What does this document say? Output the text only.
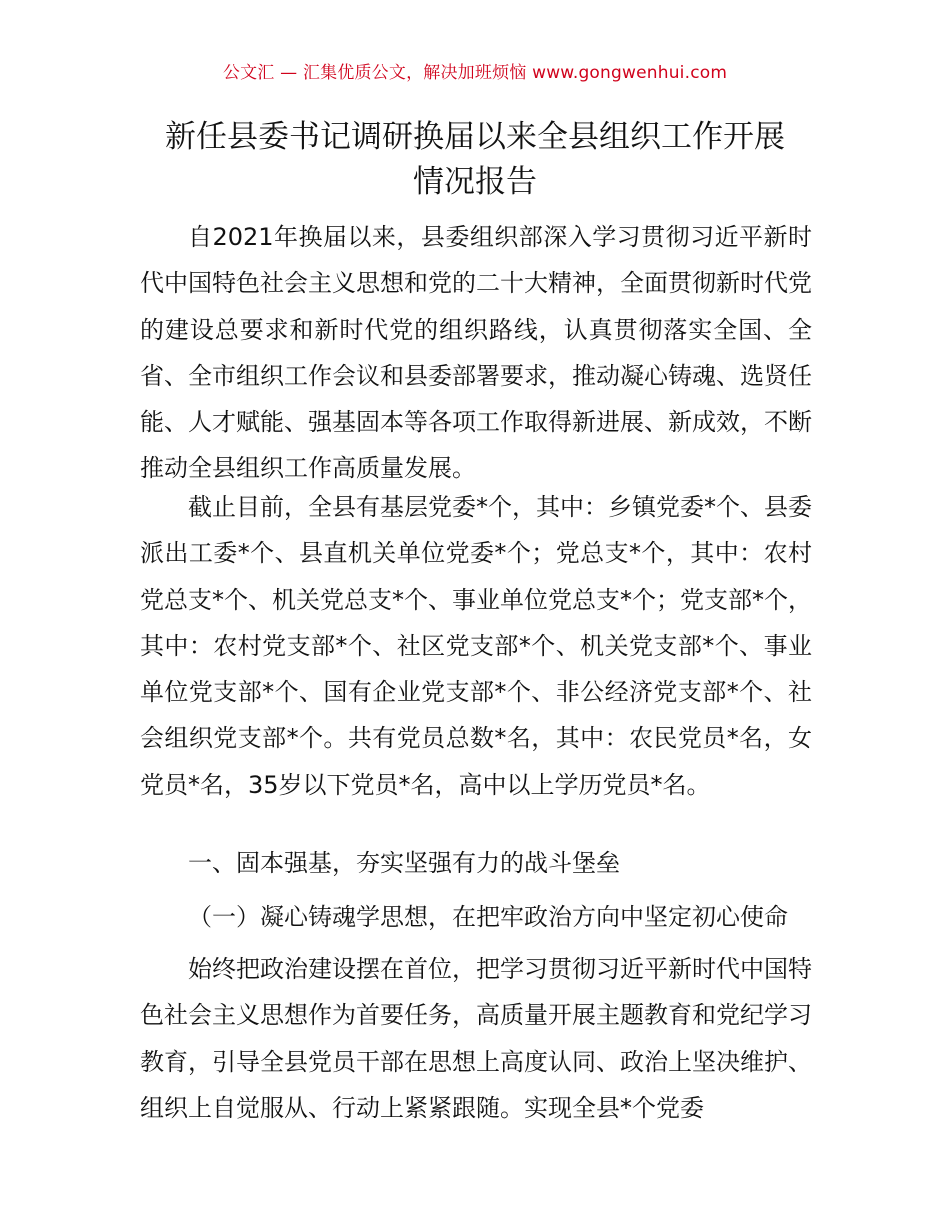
公文汇 — 汇集优质公文，解决加班烦恼 www.gongwenhui.com
新任县委书记调研换届以来全县组织工作开展
情况报告

自2021年换届以来，县委组织部深入学习贯彻习近平新时代中国特色社会主义思想和党的二十大精神，全面贯彻新时代党的建设总要求和新时代党的组织路线，认真贯彻落实全国、全省、全市组织工作会议和县委部署要求，推动凝心铸魂、选贤任能、人才赋能、强基固本等各项工作取得新进展、新成效，不断推动全县组织工作高质量发展。

截止目前，全县有基层党委*个，其中：乡镇党委*个、县委派出工委*个、县直机关单位党委*个；党总支*个，其中：农村党总支*个、机关党总支*个、事业单位党总支*个；党支部*个，其中：农村党支部*个、社区党支部*个、机关党支部*个、事业单位党支部*个、国有企业党支部*个、非公经济党支部*个、社会组织党支部*个。共有党员总数*名，其中：农民党员*名，女党员*名，35岁以下党员*名，高中以上学历党员*名。

一、固本强基，夯实坚强有力的战斗堡垒

（一）凝心铸魂学思想，在把牢政治方向中坚定初心使命

始终把政治建设摆在首位，把学习贯彻习近平新时代中国特色社会主义思想作为首要任务，高质量开展主题教育和党纪学习教育，引导全县党员干部在思想上高度认同、政治上坚决维护、组织上自觉服从、行动上紧紧跟随。实现全县*个党委
